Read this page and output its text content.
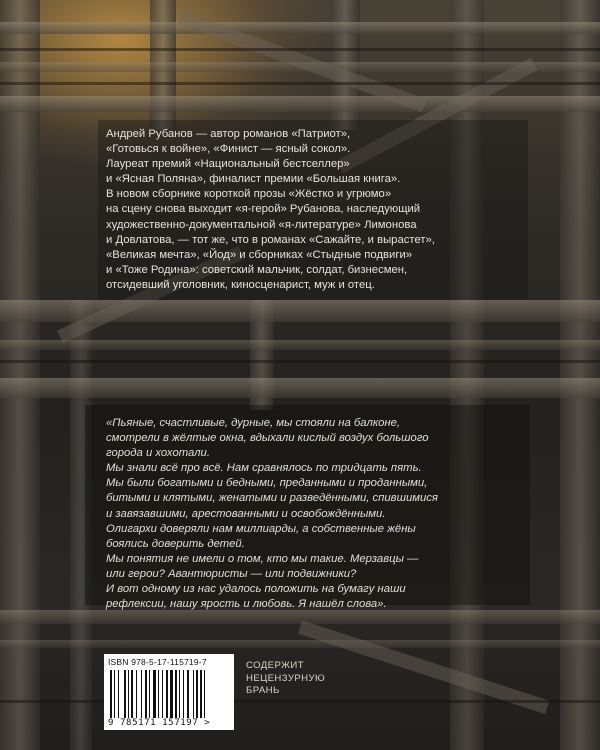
Андрей Рубанов — автор романов «Патриот»,
«Готовься к войне», «Финист — ясный сокол».
Лауреат премий «Национальный бестселлер»
и «Ясная Поляна», финалист премии «Большая книга».
В новом сборнике короткой прозы «Жёстко и угрюмо»
на сцену снова выходит «я-герой» Рубанова, наследующий
художественно-документальной «я-литературе» Лимонова
и Довлатова, — тот же, что в романах «Сажайте, и вырастет»,
«Великая мечта», «Йод» и сборниках «Стыдные подвиги»
и «Тоже Родина»: советский мальчик, солдат, бизнесмен,
отсидевший уголовник, киносценарист, муж и отец.

«Пьяные, счастливые, дурные, мы стояли на балконе,
смотрели в жёлтые окна, вдыхали кислый воздух большого
города и хохотали.
Мы знали всё про всё. Нам сравнялось по тридцать пять.
Мы были богатыми и бедными, преданными и проданными,
битыми и клятыми, женатыми и разведёнными, спившимися
и завязавшими, арестованными и освобождёнными.
Олигархи доверяли нам миллиарды, а собственные жёны
боялись доверить детей.
Мы понятия не имели о том, кто мы такие. Мерзавцы —
или герои? Авантюристы — или подвижники?
И вот одному из нас удалось положить на бумагу наши
рефлексии, нашу ярость и любовь. Я нашёл слова».

ISBN 978-5-17-115719-7
9 785171 157197 >
СОДЕРЖИТ
НЕЦЕНЗУРНУЮ
БРАНЬ
